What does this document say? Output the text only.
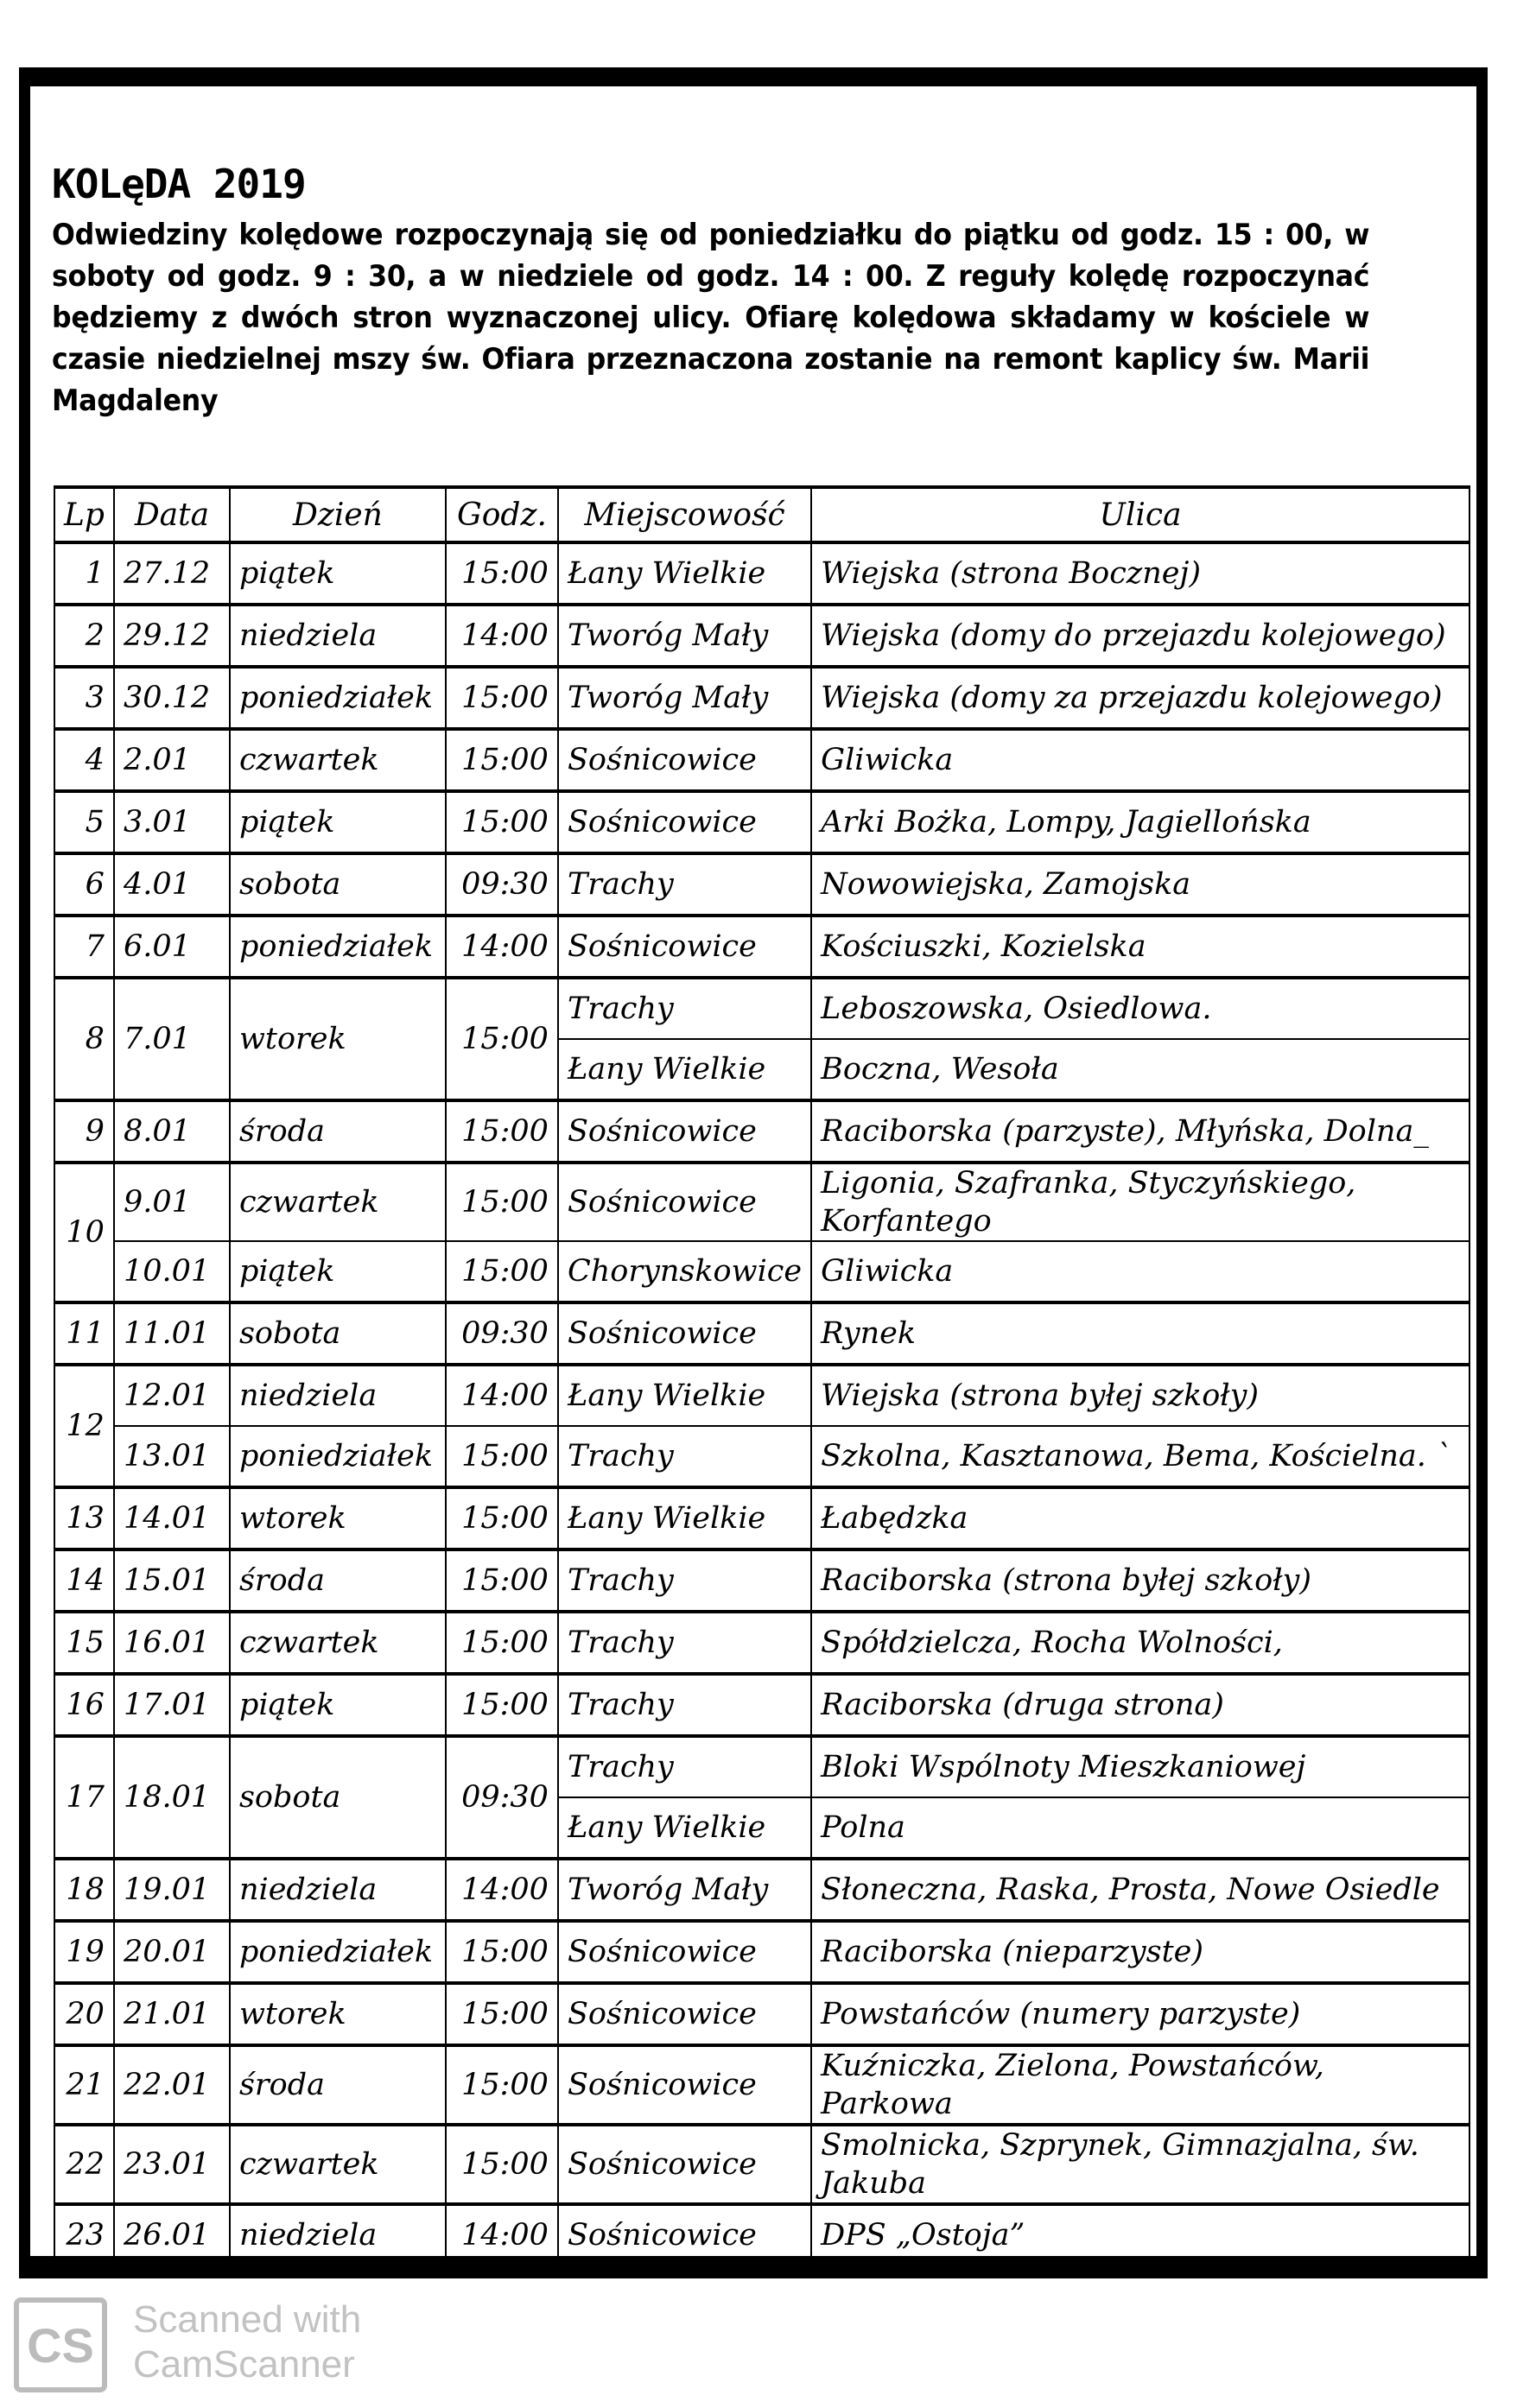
KOLęDA 2019
Odwiedziny kolędowe rozpoczynają się od poniedziałku do piątku od godz. 15 : 00, w soboty od godz. 9 : 30, a w niedziele od godz. 14 : 00. Z reguły kolędę rozpoczynać będziemy z dwóch stron wyznaczonej ulicy. Ofiarę kolędowa składamy w kościele w czasie niedzielnej mszy św. Ofiara przeznaczona zostanie na remont kaplicy św. Marii Magdaleny
Lp	Data	Dzień	Godz.	Miejscowość	Ulica
1	27.12	piątek	15:00	Łany Wielkie	Wiejska (strona Bocznej)
2	29.12	niedziela	14:00	Tworóg Mały	Wiejska (domy do przejazdu kolejowego)
3	30.12	poniedziałek	15:00	Tworóg Mały	Wiejska (domy za przejazdu kolejowego)
4	2.01	czwartek	15:00	Sośnicowice	Gliwicka
5	3.01	piątek	15:00	Sośnicowice	Arki Bożka, Lompy, Jagiellońska
6	4.01	sobota	09:30	Trachy	Nowowiejska, Zamojska
7	6.01	poniedziałek	14:00	Sośnicowice	Kościuszki, Kozielska
8	7.01	wtorek	15:00	Trachy	Leboszowska, Osiedlowa.
				Łany Wielkie	Boczna, Wesoła
9	8.01	środa	15:00	Sośnicowice	Raciborska (parzyste), Młyńska, Dolna_
10	9.01	czwartek	15:00	Sośnicowice	Ligonia, Szafranka, Styczyńskiego, Korfantego
	10.01	piątek	15:00	Chorynskowice	Gliwicka
11	11.01	sobota	09:30	Sośnicowice	Rynek
12	12.01	niedziela	14:00	Łany Wielkie	Wiejska (strona byłej szkoły)
	13.01	poniedziałek	15:00	Trachy	Szkolna, Kasztanowa, Bema, Kościelna. `
13	14.01	wtorek	15:00	Łany Wielkie	Łabędzka
14	15.01	środa	15:00	Trachy	Raciborska (strona byłej szkoły)
15	16.01	czwartek	15:00	Trachy	Spółdzielcza, Rocha Wolności,
16	17.01	piątek	15:00	Trachy	Raciborska (druga strona)
17	18.01	sobota	09:30	Trachy	Bloki Wspólnoty Mieszkaniowej
				Łany Wielkie	Polna
18	19.01	niedziela	14:00	Tworóg Mały	Słoneczna, Raska, Prosta, Nowe Osiedle
19	20.01	poniedziałek	15:00	Sośnicowice	Raciborska (nieparzyste)
20	21.01	wtorek	15:00	Sośnicowice	Powstańców (numery parzyste)
21	22.01	środa	15:00	Sośnicowice	Kuźniczka, Zielona, Powstańców, Parkowa
22	23.01	czwartek	15:00	Sośnicowice	Smolnicka, Szprynek, Gimnazjalna, św. Jakuba
23	26.01	niedziela	14:00	Sośnicowice	DPS „Ostoja”
CS	Scanned with
CamScanner
